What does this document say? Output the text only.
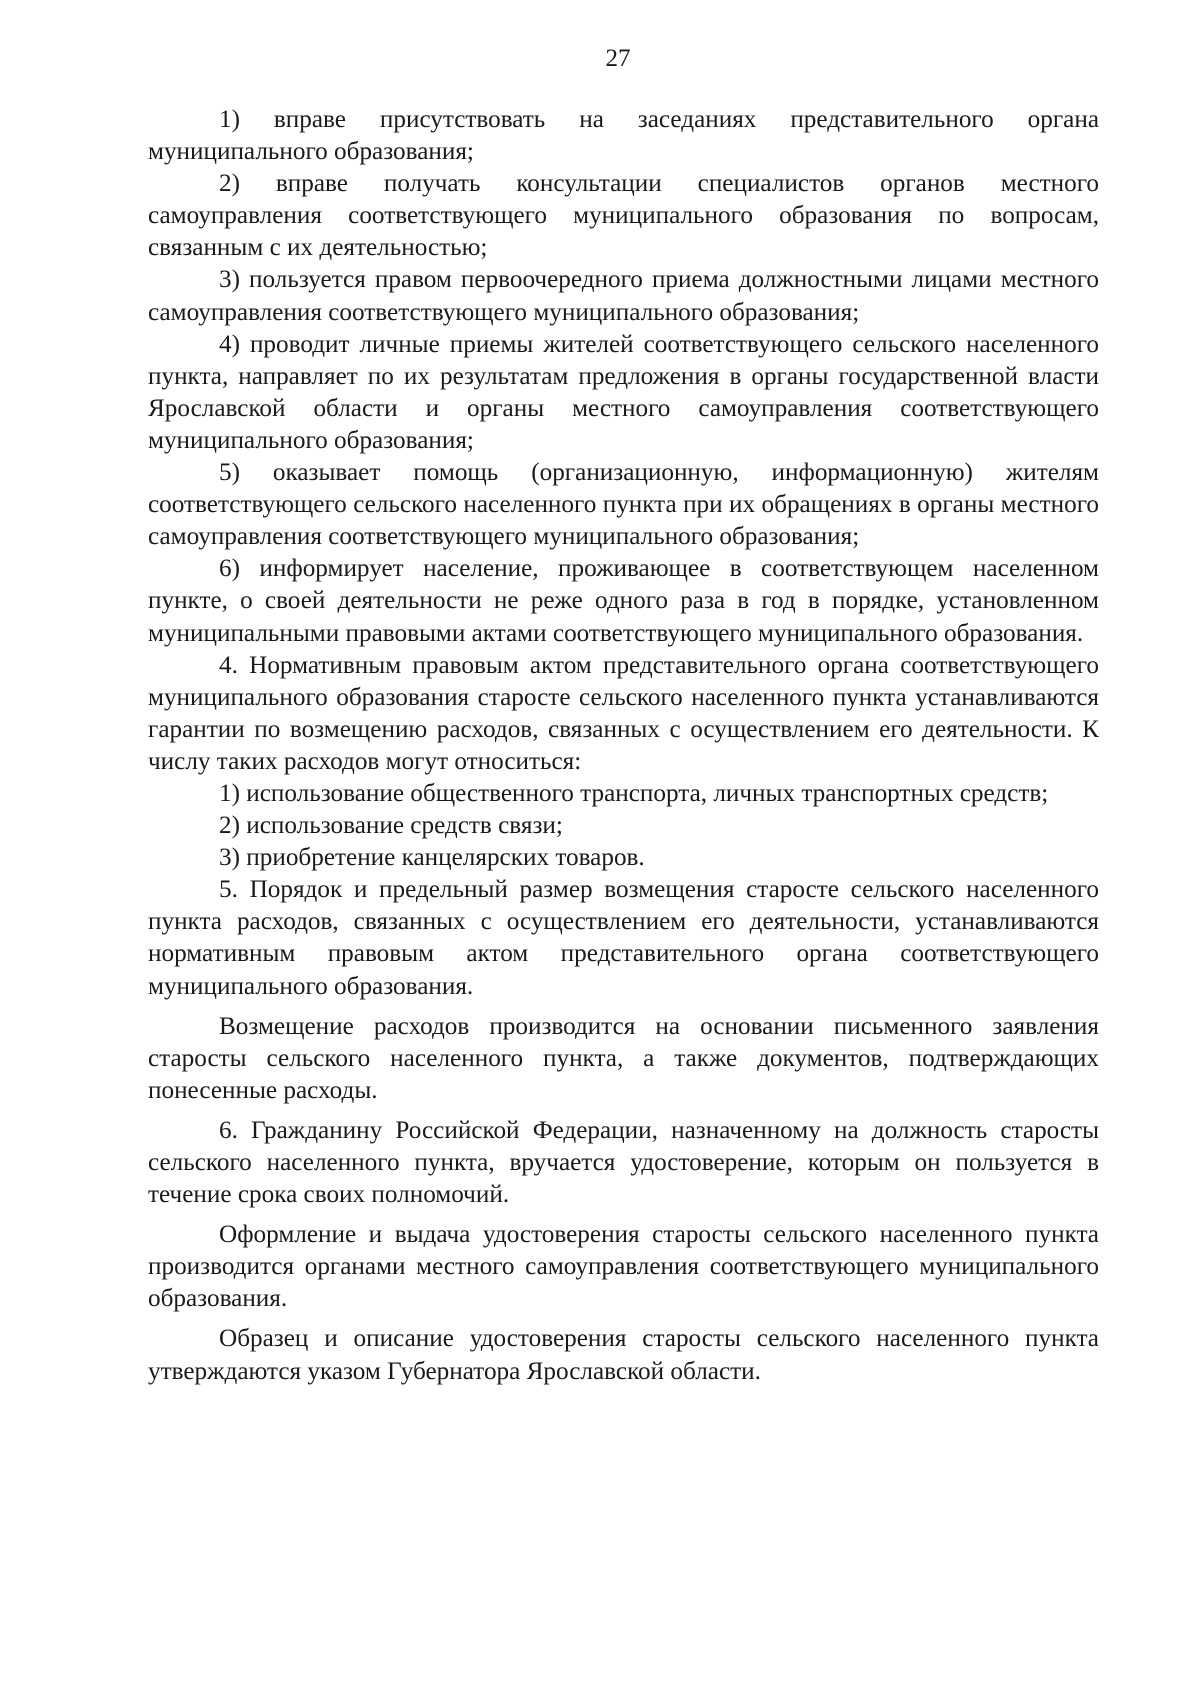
27

1) вправе присутствовать на заседаниях представительного органа муниципального образования;

2) вправе получать консультации специалистов органов местного самоуправления соответствующего муниципального образования по вопросам, связанным с их деятельностью;

3) пользуется правом первоочередного приема должностными лицами местного самоуправления соответствующего муниципального образования;

4) проводит личные приемы жителей соответствующего сельского населенного пункта, направляет по их результатам предложения в органы государственной власти Ярославской области и органы местного самоуправления соответствующего муниципального образования;

5) оказывает помощь (организационную, информационную) жителям соответствующего сельского населенного пункта при их обращениях в органы местного самоуправления соответствующего муниципального образования;

6) информирует население, проживающее в соответствующем населенном пункте, о своей деятельности не реже одного раза в год в порядке, установленном муниципальными правовыми актами соответствующего муниципального образования.

4. Нормативным правовым актом представительного органа соответствующего муниципального образования старосте сельского населенного пункта устанавливаются гарантии по возмещению расходов, связанных с осуществлением его деятельности. К числу таких расходов могут относиться:

1) использование общественного транспорта, личных транспортных средств;

2) использование средств связи;

3) приобретение канцелярских товаров.

5. Порядок и предельный размер возмещения старосте сельского населенного пункта расходов, связанных с осуществлением его деятельности, устанавливаются нормативным правовым актом представительного органа соответствующего муниципального образования.

Возмещение расходов производится на основании письменного заявления старосты сельского населенного пункта, а также документов, подтверждающих понесенные расходы.

6. Гражданину Российской Федерации, назначенному на должность старосты сельского населенного пункта, вручается удостоверение, которым он пользуется в течение срока своих полномочий.

Оформление и выдача удостоверения старосты сельского населенного пункта производится органами местного самоуправления соответствующего муниципального образования.

Образец и описание удостоверения старосты сельского населенного пункта утверждаются указом Губернатора Ярославской области.
